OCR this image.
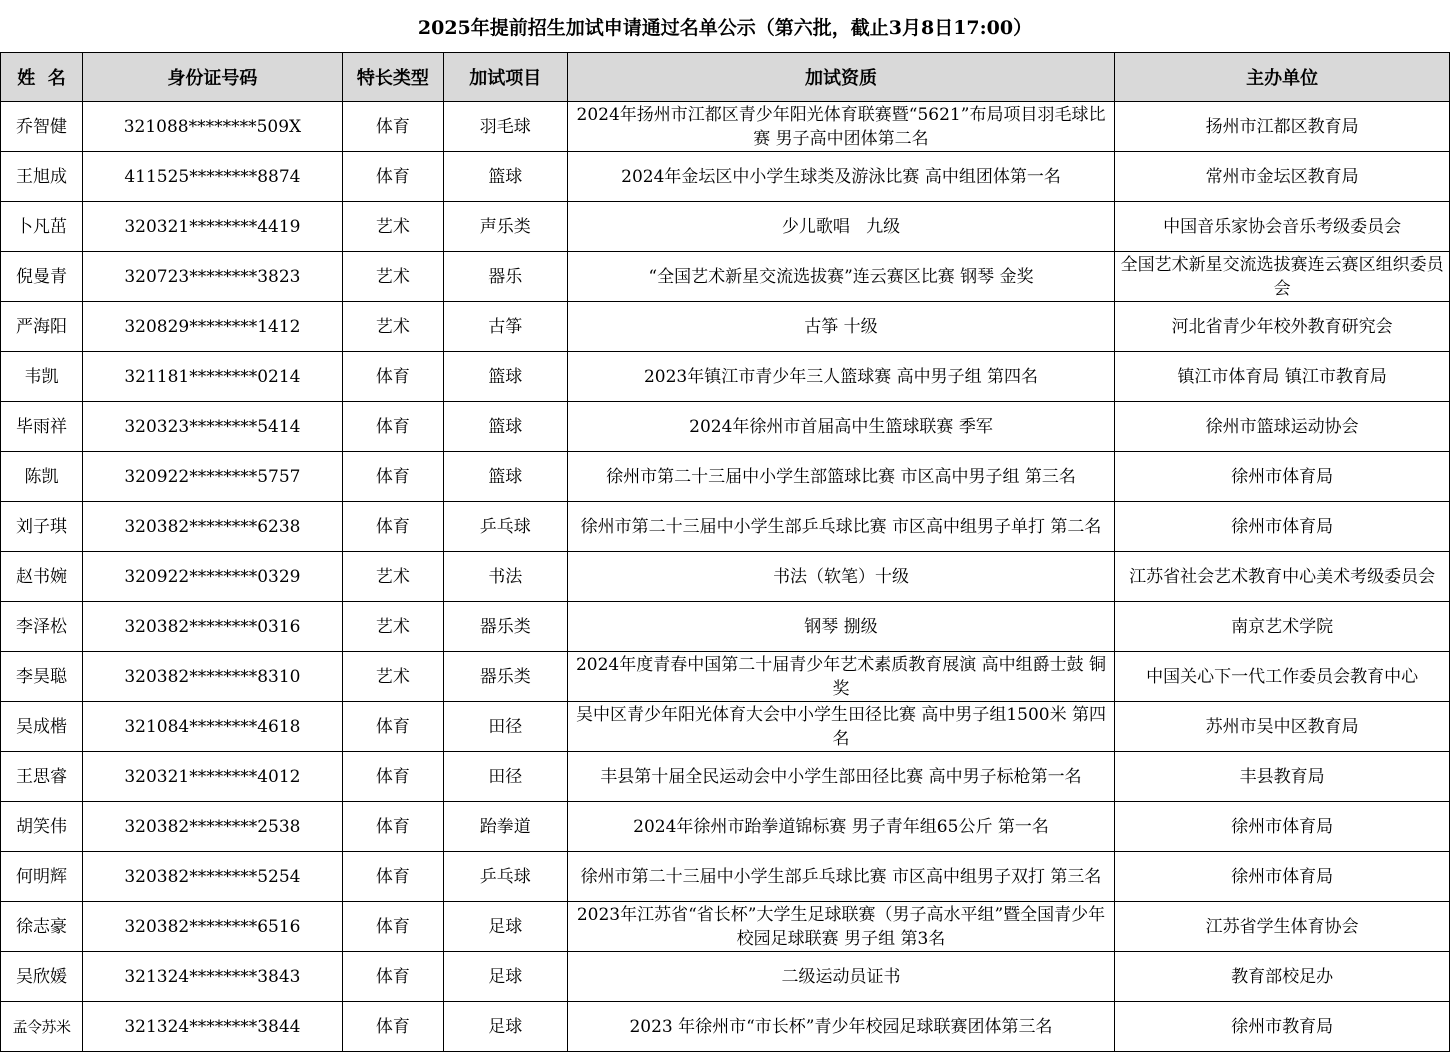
2025年提前招生加试申请通过名单公示（第六批，截止3月8日17:00）
姓  名	身份证号码	特长类型	加试项目	加试资质	主办单位

乔智健	321088********509X	体育	羽毛球	2024年扬州市江都区青少年阳光体育联赛暨“5621”布局项目羽毛球比赛 男子高中团体第二名	扬州市江都区教育局

王旭成	411525********8874	体育	篮球	2024年金坛区中小学生球类及游泳比赛 高中组团体第一名	常州市金坛区教育局

卜凡茁	320321********4419	艺术	声乐类	少儿歌唱   九级	中国音乐家协会音乐考级委员会

倪曼青	320723********3823	艺术	器乐	“全国艺术新星交流选拔赛”连云赛区比赛 钢琴 金奖	全国艺术新星交流选拔赛连云赛区组织委员会

严海阳	320829********1412	艺术	古筝	古筝 十级	河北省青少年校外教育研究会

韦凯	321181********0214	体育	篮球	2023年镇江市青少年三人篮球赛 高中男子组 第四名	镇江市体育局 镇江市教育局

毕雨祥	320323********5414	体育	篮球	2024年徐州市首届高中生篮球联赛 季军	徐州市篮球运动协会

陈凯	320922********5757	体育	篮球	徐州市第二十三届中小学生部篮球比赛 市区高中男子组 第三名	徐州市体育局

刘子琪	320382********6238	体育	乒乓球	徐州市第二十三届中小学生部乒乓球比赛 市区高中组男子单打 第二名	徐州市体育局

赵书婉	320922********0329	艺术	书法	书法（软笔）十级	江苏省社会艺术教育中心美术考级委员会

李泽松	320382********0316	艺术	器乐类	钢琴 捌级	南京艺术学院

李昊聪	320382********8310	艺术	器乐类	2024年度青春中国第二十届青少年艺术素质教育展演 高中组爵士鼓 铜奖	中国关心下一代工作委员会教育中心

吴成楷	321084********4618	体育	田径	吴中区青少年阳光体育大会中小学生田径比赛 高中男子组1500米 第四名	苏州市吴中区教育局

王思睿	320321********4012	体育	田径	丰县第十届全民运动会中小学生部田径比赛 高中男子标枪第一名	丰县教育局

胡笑伟	320382********2538	体育	跆拳道	2024年徐州市跆拳道锦标赛 男子青年组65公斤 第一名	徐州市体育局

何明辉	320382********5254	体育	乒乓球	徐州市第二十三届中小学生部乒乓球比赛 市区高中组男子双打 第三名	徐州市体育局

徐志豪	320382********6516	体育	足球	2023年江苏省“省长杯”大学生足球联赛（男子高水平组”暨全国青少年校园足球联赛 男子组 第3名	江苏省学生体育协会

吴欣媛	321324********3843	体育	足球	二级运动员证书	教育部校足办

孟令苏米	321324********3844	体育	足球	2023 年徐州市“市长杯”青少年校园足球联赛团体第三名	徐州市教育局
